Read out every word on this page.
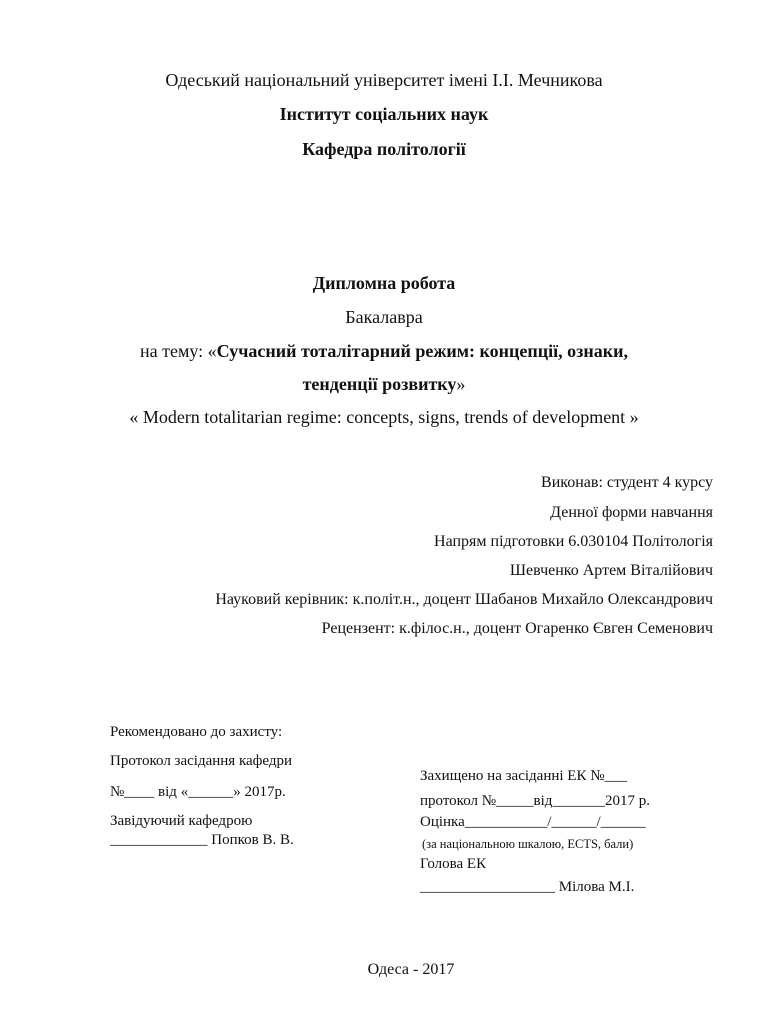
Одеський національний університет імені І.І. Мечникова
Інститут соціальних наук
Кафедра політології
Дипломна робота
Бакалавра
на тему: «Сучасний тоталітарний режим: концепції, ознаки,
тенденції розвитку»
« Modern totalitarian regime: concepts, signs, trends of development »
Виконав: студент 4 курсу
Денної форми навчання
Напрям підготовки 6.030104 Політологія
Шевченко Артем Віталійович
Науковий керівник: к.політ.н., доцент Шабанов Михайло Олександрович
Рецензент: к.філос.н., доцент Огаренко Євген Семенович
Рекомендовано до захисту:
Протокол засідання кафедри
№____ від «______» 2017р.
Завідуючий кафедрою
_____________ Попков В. В.
Захищено на засіданні ЕК №___
протокол №_____від_______2017 р.
Оцінка___________/______/______
(за національною шкалою, ECTS, бали)
Голова ЕК
__________________ Мілова М.І.
Одеса - 2017
